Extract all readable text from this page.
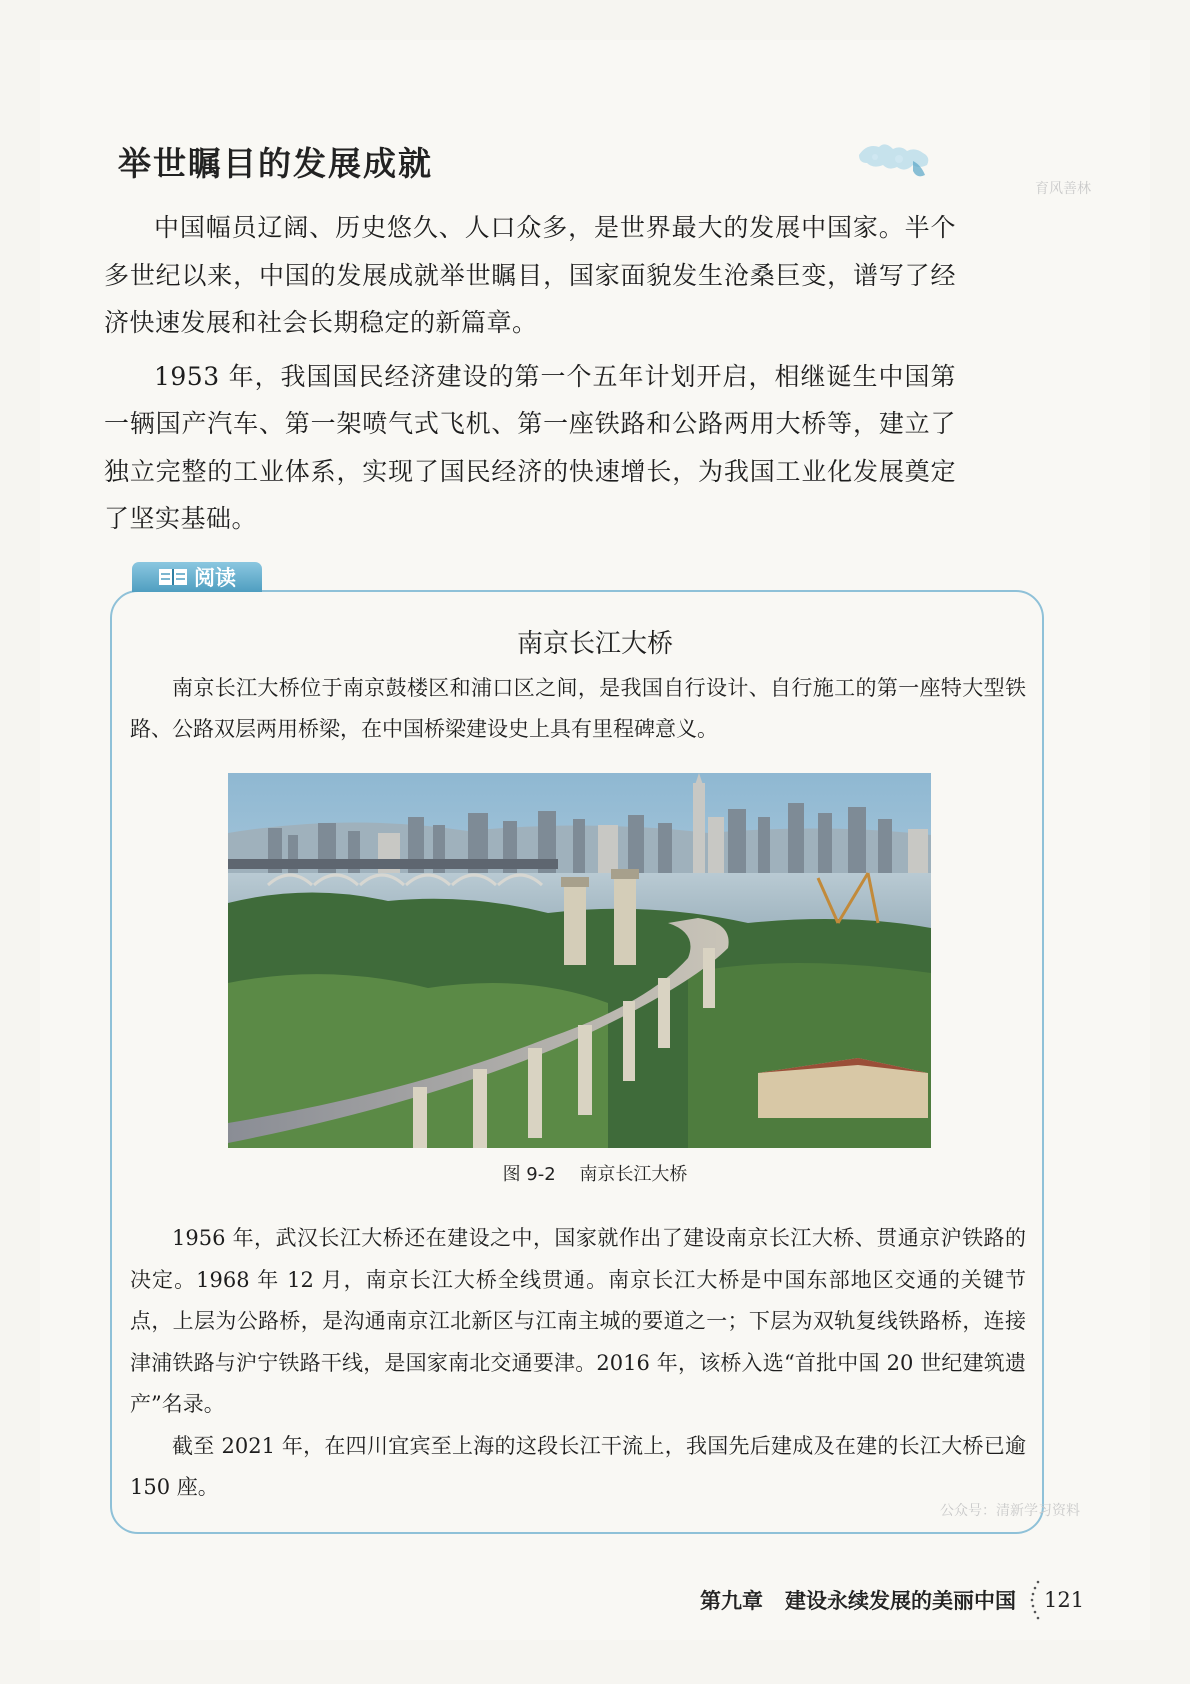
举世瞩目的发展成就
育风善林

中国幅员辽阔、历史悠久、人口众多，是世界最大的发展中国家。半个多世纪以来，中国的发展成就举世瞩目，国家面貌发生沧桑巨变，谱写了经济快速发展和社会长期稳定的新篇章。

1953 年，我国国民经济建设的第一个五年计划开启，相继诞生中国第一辆国产汽车、第一架喷气式飞机、第一座铁路和公路两用大桥等，建立了独立完整的工业体系，实现了国民经济的快速增长，为我国工业化发展奠定了坚实基础。

阅读
南京长江大桥

南京长江大桥位于南京鼓楼区和浦口区之间，是我国自行设计、自行施工的第一座特大型铁路、公路双层两用桥梁，在中国桥梁建设史上具有里程碑意义。

图 9-2 南京长江大桥

1956 年，武汉长江大桥还在建设之中，国家就作出了建设南京长江大桥、贯通京沪铁路的决定。1968 年 12 月，南京长江大桥全线贯通。南京长江大桥是中国东部地区交通的关键节点，上层为公路桥，是沟通南京江北新区与江南主城的要道之一；下层为双轨复线铁路桥，连接津浦铁路与沪宁铁路干线，是国家南北交通要津。2016 年，该桥入选“首批中国 20 世纪建筑遗产”名录。

截至 2021 年，在四川宜宾至上海的这段长江干流上，我国先后建成及在建的长江大桥已逾 150 座。

公众号：清新学习资料
第九章 建设永续发展的美丽中国 121
